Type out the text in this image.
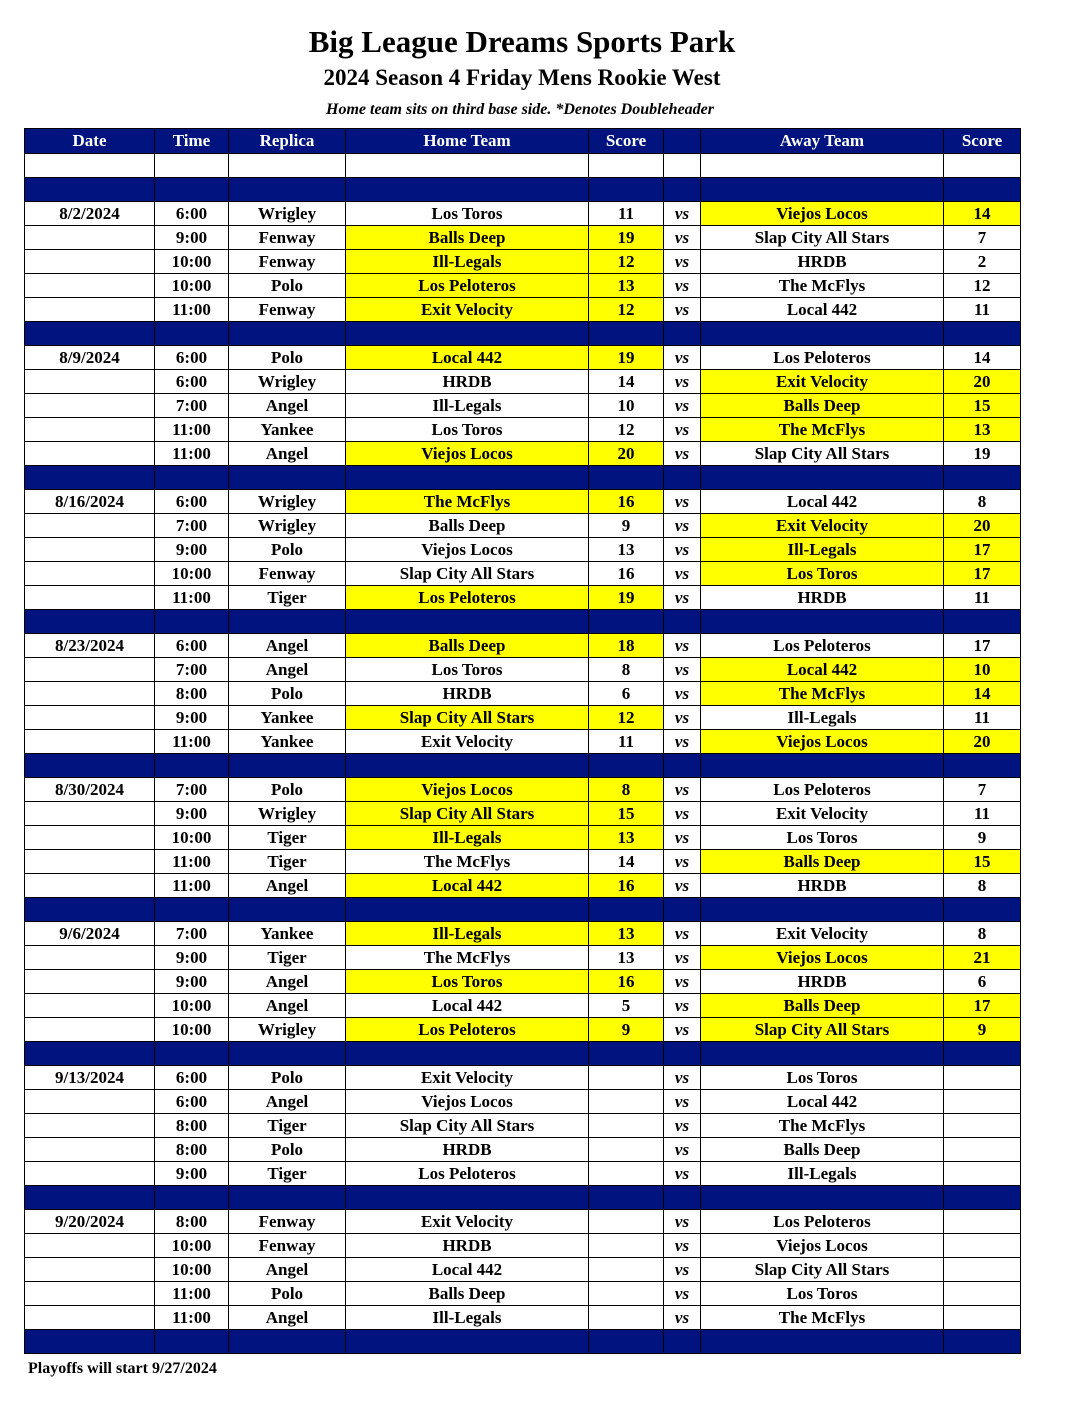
Big League Dreams Sports Park
2024 Season 4 Friday Mens Rookie West
Home team sits on third base side. *Denotes Doubleheader
Date	Time	Replica	Home Team	Score		Away Team	Score

8/2/2024	6:00	Wrigley	Los Toros	11	vs	Viejos Locos	14
	9:00	Fenway	Balls Deep	19	vs	Slap City All Stars	7
	10:00	Fenway	Ill-Legals	12	vs	HRDB	2
	10:00	Polo	Los Peloteros	13	vs	The McFlys	12
	11:00	Fenway	Exit Velocity	12	vs	Local 442	11

8/9/2024	6:00	Polo	Local 442	19	vs	Los Peloteros	14
	6:00	Wrigley	HRDB	14	vs	Exit Velocity	20
	7:00	Angel	Ill-Legals	10	vs	Balls Deep	15
	11:00	Yankee	Los Toros	12	vs	The McFlys	13
	11:00	Angel	Viejos Locos	20	vs	Slap City All Stars	19

8/16/2024	6:00	Wrigley	The McFlys	16	vs	Local 442	8
	7:00	Wrigley	Balls Deep	9	vs	Exit Velocity	20
	9:00	Polo	Viejos Locos	13	vs	Ill-Legals	17
	10:00	Fenway	Slap City All Stars	16	vs	Los Toros	17
	11:00	Tiger	Los Peloteros	19	vs	HRDB	11

8/23/2024	6:00	Angel	Balls Deep	18	vs	Los Peloteros	17
	7:00	Angel	Los Toros	8	vs	Local 442	10
	8:00	Polo	HRDB	6	vs	The McFlys	14
	9:00	Yankee	Slap City All Stars	12	vs	Ill-Legals	11
	11:00	Yankee	Exit Velocity	11	vs	Viejos Locos	20

8/30/2024	7:00	Polo	Viejos Locos	8	vs	Los Peloteros	7
	9:00	Wrigley	Slap City All Stars	15	vs	Exit Velocity	11
	10:00	Tiger	Ill-Legals	13	vs	Los Toros	9
	11:00	Tiger	The McFlys	14	vs	Balls Deep	15
	11:00	Angel	Local 442	16	vs	HRDB	8

9/6/2024	7:00	Yankee	Ill-Legals	13	vs	Exit Velocity	8
	9:00	Tiger	The McFlys	13	vs	Viejos Locos	21
	9:00	Angel	Los Toros	16	vs	HRDB	6
	10:00	Angel	Local 442	5	vs	Balls Deep	17
	10:00	Wrigley	Los Peloteros	9	vs	Slap City All Stars	9

9/13/2024	6:00	Polo	Exit Velocity		vs	Los Toros	
	6:00	Angel	Viejos Locos		vs	Local 442	
	8:00	Tiger	Slap City All Stars		vs	The McFlys	
	8:00	Polo	HRDB		vs	Balls Deep	
	9:00	Tiger	Los Peloteros		vs	Ill-Legals	

9/20/2024	8:00	Fenway	Exit Velocity		vs	Los Peloteros	
	10:00	Fenway	HRDB		vs	Viejos Locos	
	10:00	Angel	Local 442		vs	Slap City All Stars	
	11:00	Polo	Balls Deep		vs	Los Toros	
	11:00	Angel	Ill-Legals		vs	The McFlys	

Playoffs will start 9/27/2024
